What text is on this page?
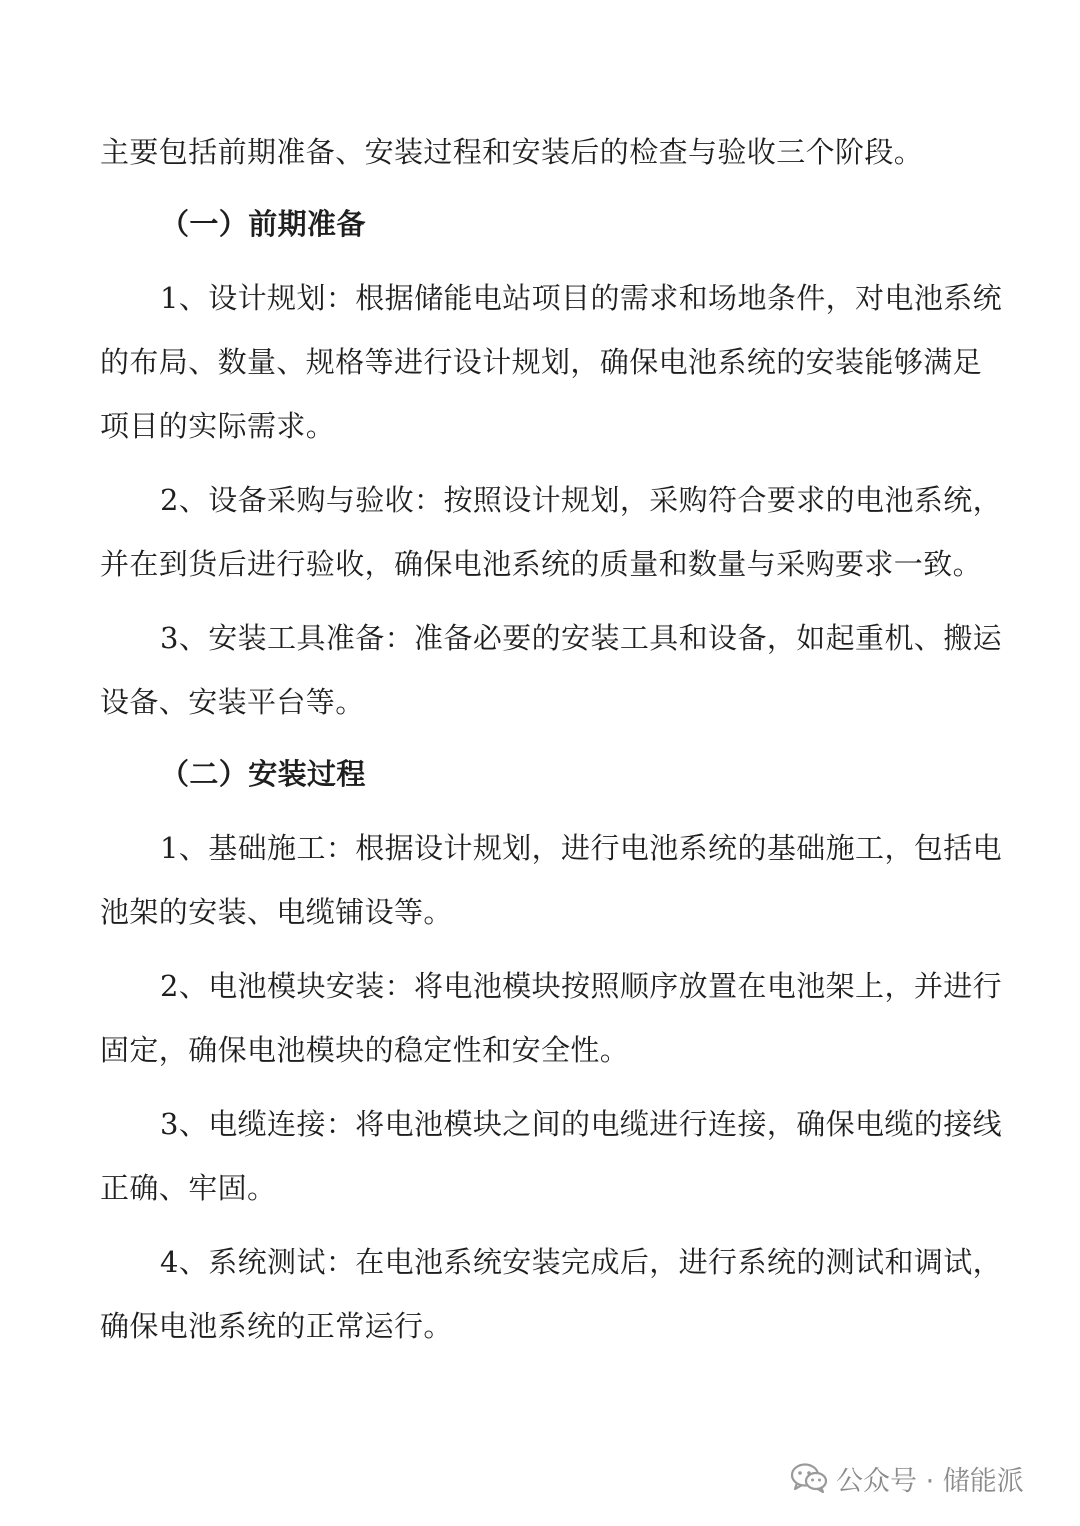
主要包括前期准备、安装过程和安装后的检查与验收三个阶段。
（一）前期准备
1、设计规划：根据储能电站项目的需求和场地条件，对电池系统
的布局、数量、规格等进行设计规划，确保电池系统的安装能够满足
项目的实际需求。
2、设备采购与验收：按照设计规划，采购符合要求的电池系统，
并在到货后进行验收，确保电池系统的质量和数量与采购要求一致。
3、安装工具准备：准备必要的安装工具和设备，如起重机、搬运
设备、安装平台等。
（二）安装过程
1、基础施工：根据设计规划，进行电池系统的基础施工，包括电
池架的安装、电缆铺设等。
2、电池模块安装：将电池模块按照顺序放置在电池架上，并进行
固定，确保电池模块的稳定性和安全性。
3、电缆连接：将电池模块之间的电缆进行连接，确保电缆的接线
正确、牢固。
4、系统测试：在电池系统安装完成后，进行系统的测试和调试，
确保电池系统的正常运行。
公众号 · 储能派
